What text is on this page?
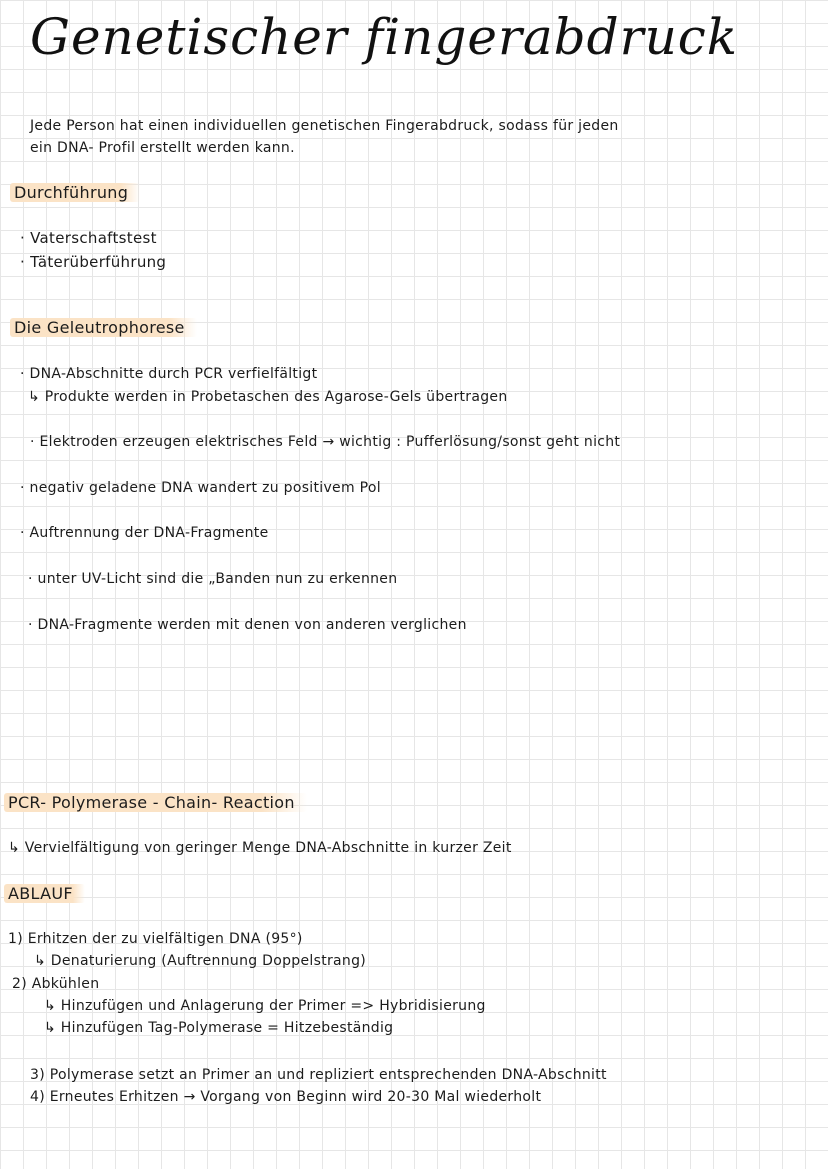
Genetischer fingerabdruck
Jede Person hat einen individuellen genetischen Fingerabdruck, sodass für jeden
ein DNA- Profil erstellt werden kann.
Durchführung
· Vaterschaftstest
· Täterüberführung
Die Geleutrophorese
· DNA-Abschnitte durch PCR verfielfältigt
↳ Produkte werden in Probetaschen des Agarose-Gels übertragen
· Elektroden erzeugen elektrisches Feld → wichtig : Pufferlösung/sonst geht nicht
· negativ geladene DNA wandert zu positivem Pol
· Auftrennung der DNA-Fragmente
· unter UV-Licht sind die „Banden nun zu erkennen
· DNA-Fragmente werden mit denen von anderen verglichen
PCR- Polymerase - Chain- Reaction
↳ Vervielfältigung von geringer Menge DNA-Abschnitte in kurzer Zeit
ABLAUF
1) Erhitzen der zu vielfältigen DNA (95°)
↳ Denaturierung (Auftrennung Doppelstrang)
2) Abkühlen
↳ Hinzufügen und Anlagerung der Primer => Hybridisierung
↳ Hinzufügen Tag-Polymerase = Hitzebeständig
3) Polymerase setzt an Primer an und repliziert entsprechenden DNA-Abschnitt
4) Erneutes Erhitzen → Vorgang von Beginn wird 20-30 Mal wiederholt
